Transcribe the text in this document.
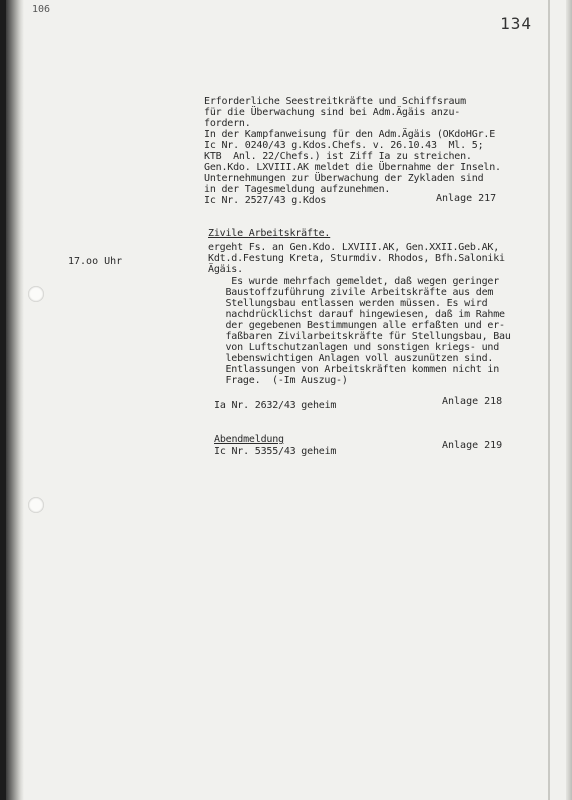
106
134
Erforderliche Seestreitkräfte und Schiffsraum
für die Überwachung sind bei Adm.Ägäis anzu-
fordern.
In der Kampfanweisung für den Adm.Ägäis (OKdoHGr.E
Ic Nr. 0240/43 g.Kdos.Chefs. v. 26.10.43  Ml. 5;
KTB  Anl. 22/Chefs.) ist Ziff Ia zu streichen.
Gen.Kdo. LXVIII.AK meldet die Übernahme der Inseln.
Unternehmungen zur Überwachung der Zykladen sind
in der Tagesmeldung aufzunehmen.
Ic Nr. 2527/43 g.Kdos	Anlage 217
17.oo Uhr
Zivile Arbeitskräfte.
ergeht Fs. an Gen.Kdo. LXVIII.AK, Gen.XXII.Geb.AK,
Kdt.d.Festung Kreta, Sturmdiv. Rhodos, Bfh.Saloniki
Ägäis.
Es wurde mehrfach gemeldet, daß wegen geringer
Baustoffzuführung zivile Arbeitskräfte aus dem
Stellungsbau entlassen werden müssen. Es wird
nachdrücklichst darauf hingewiesen, daß im Rahme
der gegebenen Bestimmungen alle erfaßten und er-
faßbaren Zivilarbeitskräfte für Stellungsbau, Bau
von Luftschutzanlagen und sonstigen kriegs- und
lebenswichtigen Anlagen voll auszunützen sind.
Entlassungen von Arbeitskräften kommen nicht in
Frage.  (-Im Auszug-)
Ia Nr. 2632/43 geheim	Anlage 218
Abendmeldung
Ic Nr. 5355/43 geheim
Anlage 219
